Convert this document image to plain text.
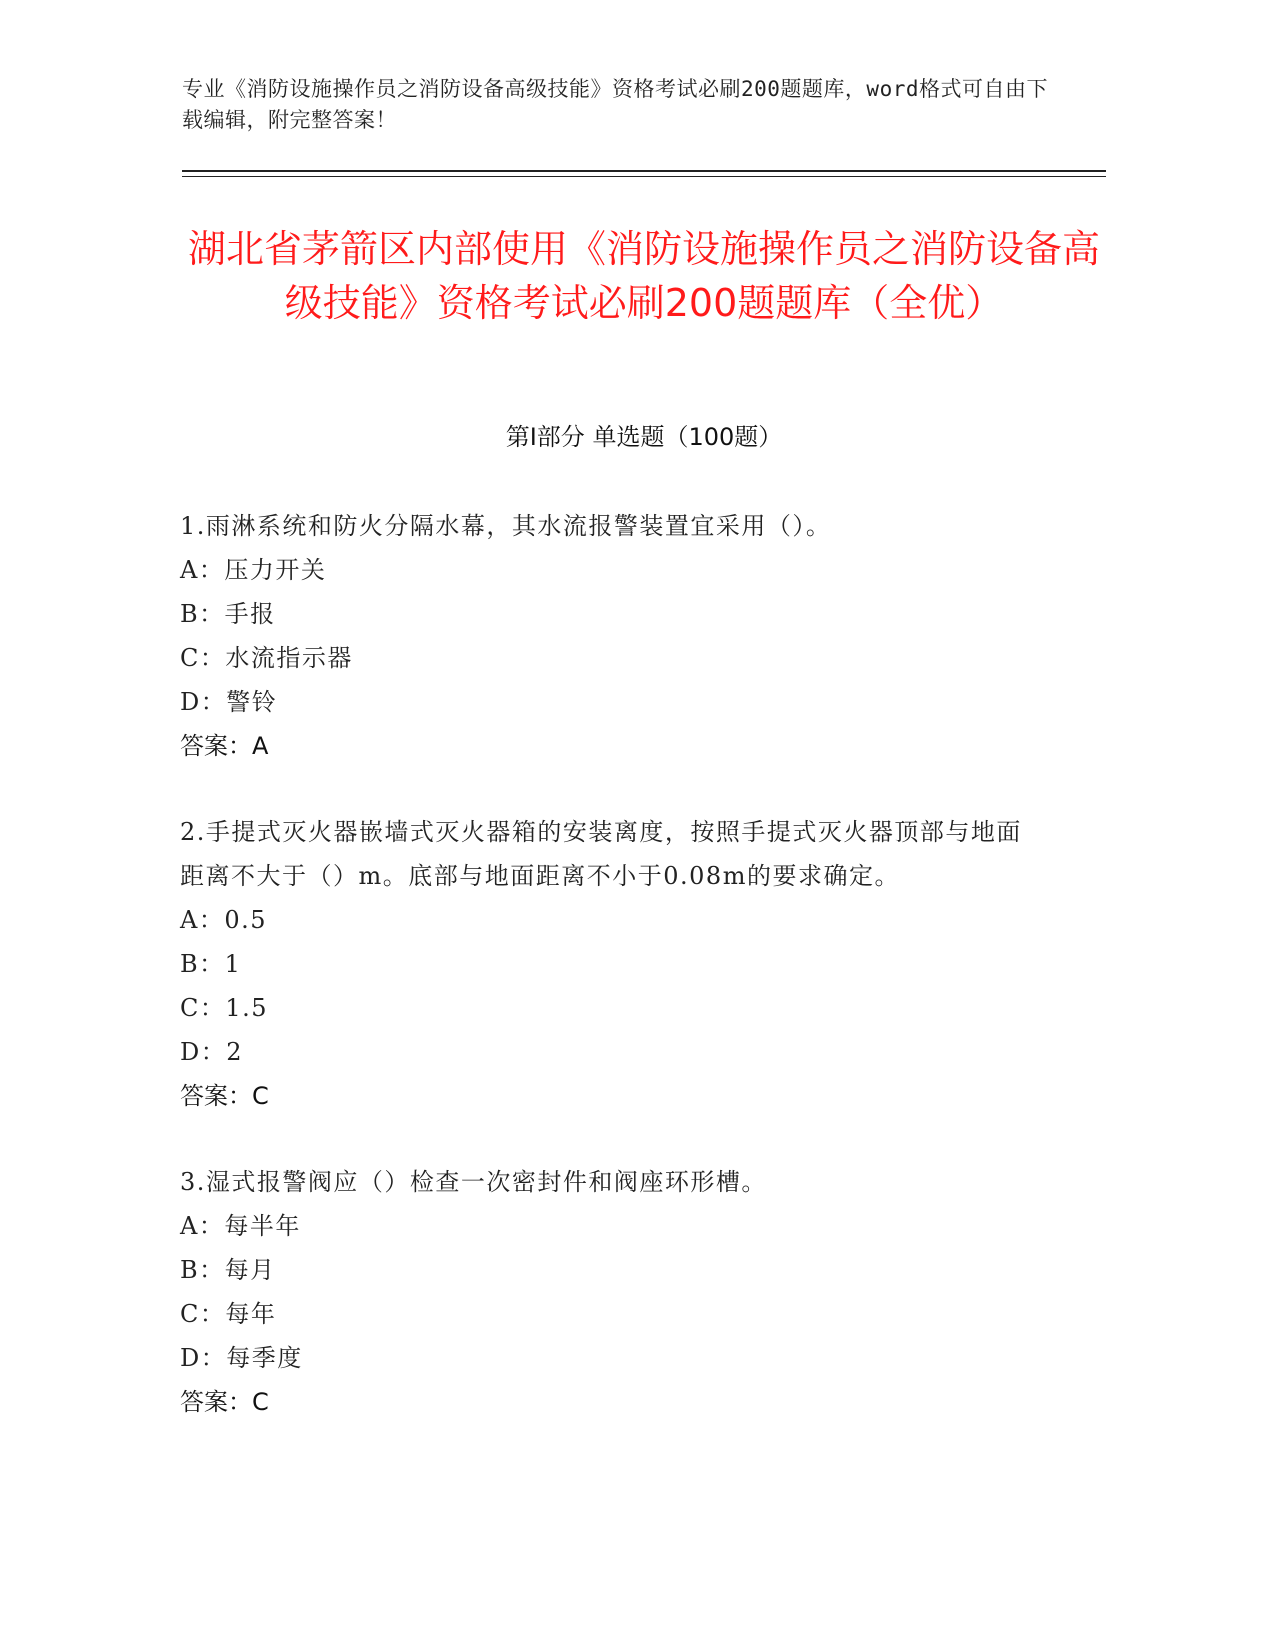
专业《消防设施操作员之消防设备高级技能》资格考试必刷200题题库，word格式可自由下载编辑，附完整答案！
湖北省茅箭区内部使用《消防设施操作员之消防设备高级技能》资格考试必刷200题题库（全优）
第Ⅰ部分 单选题（100题）
1.雨淋系统和防火分隔水幕，其水流报警装置宜采用（）。
A：压力开关
B：手报
C：水流指示器
D：警铃
答案：A
2.手提式灭火器嵌墙式灭火器箱的安装离度，按照手提式灭火器顶部与地面距离不大于（）m。底部与地面距离不小于0.08m的要求确定。
A：0.5
B：1
C：1.5
D：2
答案：C
3.湿式报警阀应（）检查一次密封件和阀座环形槽。
A：每半年
B：每月
C：每年
D：每季度
答案：C
